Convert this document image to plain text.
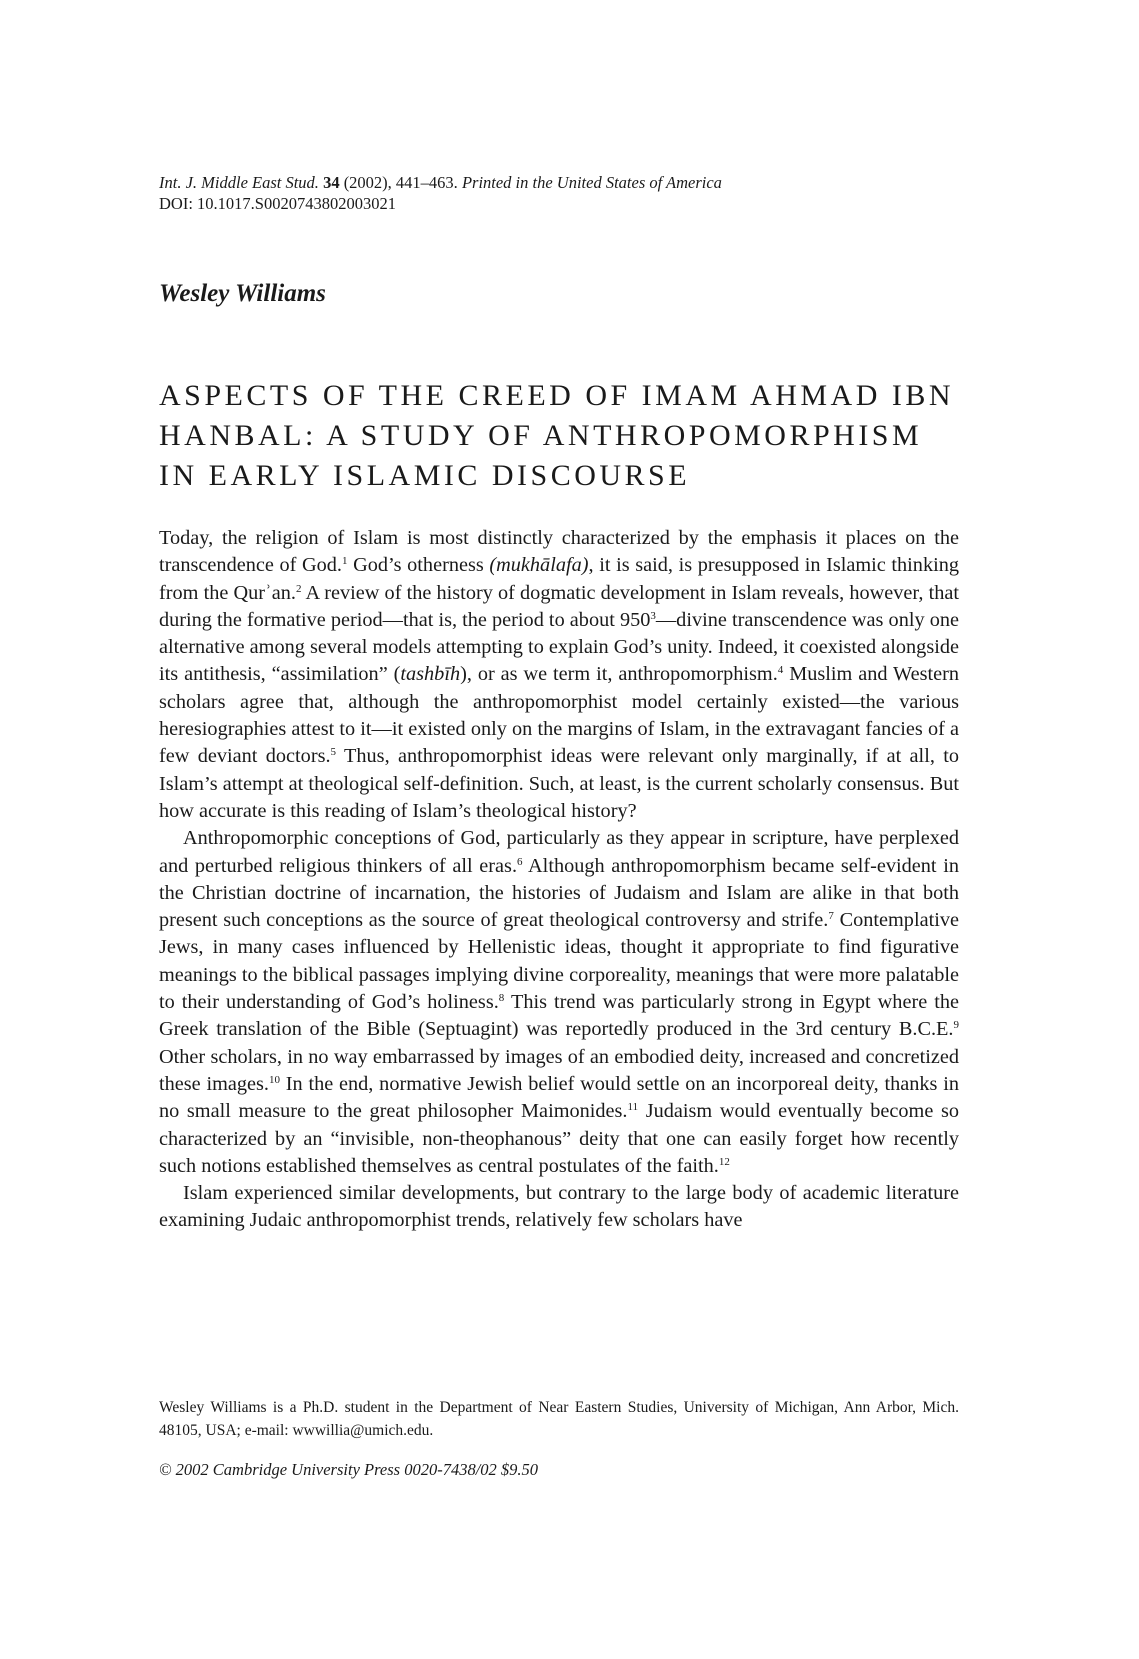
Int. J. Middle East Stud. 34 (2002), 441–463. Printed in the United States of America
DOI: 10.1017.S0020743802003021
Wesley Williams
ASPECTS OF THE CREED OF IMAM AHMAD IBN
HANBAL: A STUDY OF ANTHROPOMORPHISM
IN EARLY ISLAMIC DISCOURSE

Today, the religion of Islam is most distinctly characterized by the emphasis it places on the transcendence of God.$^1$ God’s otherness (mukhālafa), it is said, is presupposed in Islamic thinking from the Qurʾan.$^2$ A review of the history of dogmatic development in Islam reveals, however, that during the formative period—that is, the period to about $950^3—divine$ transcendence was only one alternative among several models attempting to explain God’s unity. Indeed, it coexisted alongside its antithesis, “assimilation” (tashbīh), or as we term it, anthropomorphism.$^4$ Muslim and Western scholars agree that, although the anthropomorphist model certainly existed—the various heresiographies attest to it—it existed only on the margins of Islam, in the extravagant fancies of a few deviant doctors.$^5$ Thus, anthropomorphist ideas were relevant only marginally, if at all, to Islam’s attempt at theological self-definition. Such, at least, is the current scholarly consensus. But how accurate is this reading of Islam’s theological history?

Anthropomorphic conceptions of God, particularly as they appear in scripture, have perplexed and perturbed religious thinkers of all eras.$^6$ Although anthropomorphism became self-evident in the Christian doctrine of incarnation, the histories of Judaism and Islam are alike in that both present such conceptions as the source of great theological controversy and strife.$^7$ Contemplative Jews, in many cases influenced by Hellenistic ideas, thought it appropriate to find figurative meanings to the biblical passages implying divine corporeality, meanings that were more palatable to their understanding of God’s holiness.$^8$ This trend was particularly strong in Egypt where the Greek translation of the Bible (Septuagint) was reportedly produced in the 3rd century B.C.E.$^9$ Other scholars, in no way embarrassed by images of an embodied deity, increased and concretized these images.$^{10}$ In the end, normative Jewish belief would settle on an incorporeal deity, thanks in no small measure to the great philosopher Maimonides.$^{11}$ Judaism would eventually become so characterized by an “invisible, non-theophanous” deity that one can easily forget how recently such notions established themselves as central postulates of the faith.$^{12}$

Islam experienced similar developments, but contrary to the large body of academic literature examining Judaic anthropomorphist trends, relatively few scholars have

Wesley Williams is a Ph.D. student in the Department of Near Eastern Studies, University of Michigan, Ann Arbor, Mich. 48105, USA; e-mail: wwwillia@umich.edu.
© 2002 Cambridge University Press 0020-7438/02 $9.50
